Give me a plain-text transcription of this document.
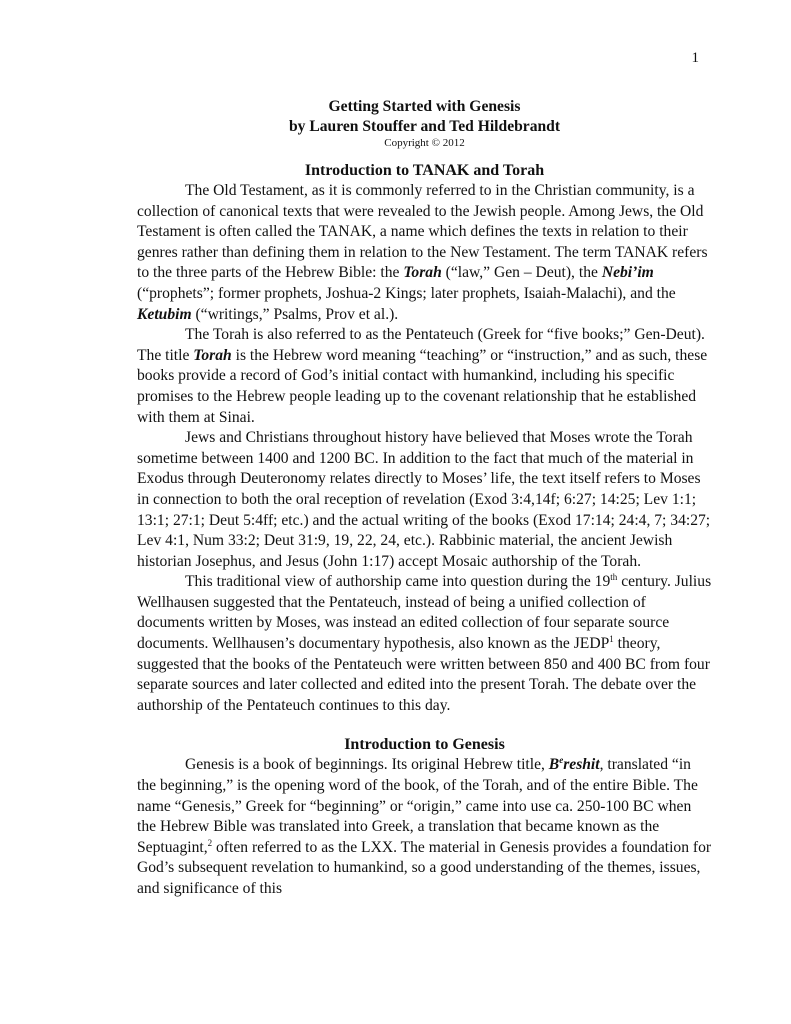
1
Getting Started with Genesis
by Lauren Stouffer and Ted Hildebrandt
Copyright © 2012
Introduction to TANAK and Torah

The Old Testament, as it is commonly referred to in the Christian community, is a collection of canonical texts that were revealed to the Jewish people. Among Jews, the Old Testament is often called the TANAK, a name which defines the texts in relation to their genres rather than defining them in relation to the New Testament. The term TANAK refers to the three parts of the Hebrew Bible: the Torah (“law,” Gen – Deut), the Nebi’im (“prophets”; former prophets, Joshua-2 Kings; later prophets, Isaiah-Malachi), and the Ketubim (“writings,” Psalms, Prov et al.).

The Torah is also referred to as the Pentateuch (Greek for “five books;” Gen-Deut). The title Torah is the Hebrew word meaning “teaching” or “instruction,” and as such, these books provide a record of God’s initial contact with humankind, including his specific promises to the Hebrew people leading up to the covenant relationship that he established with them at Sinai.

Jews and Christians throughout history have believed that Moses wrote the Torah sometime between 1400 and 1200 BC. In addition to the fact that much of the material in Exodus through Deuteronomy relates directly to Moses’ life, the text itself refers to Moses in connection to both the oral reception of revelation (Exod 3:4,14f; 6:27; 14:25; Lev 1:1; 13:1; 27:1; Deut 5:4ff; etc.) and the actual writing of the books (Exod 17:14; 24:4, 7; 34:27; Lev 4:1, Num 33:2; Deut 31:9, 19, 22, 24, etc.). Rabbinic material, the ancient Jewish historian Josephus, and Jesus (John 1:17) accept Mosaic authorship of the Torah.

This traditional view of authorship came into question during the 19th century. Julius Wellhausen suggested that the Pentateuch, instead of being a unified collection of documents written by Moses, was instead an edited collection of four separate source documents. Wellhausen’s documentary hypothesis, also known as the JEDP$^1$ theory, suggested that the books of the Pentateuch were written between 850 and 400 BC from four separate sources and later collected and edited into the present Torah. The debate over the authorship of the Pentateuch continues to this day.

Introduction to Genesis

Genesis is a book of beginnings. Its original Hebrew title, $B^ereshit$, translated “in the beginning,” is the opening word of the book, of the Torah, and of the entire Bible. The name “Genesis,” Greek for “beginning” or “origin,” came into use ca. 250-100 BC when the Hebrew Bible was translated into Greek, a translation that became known as the Septuagint,$^2$ often referred to as the LXX. The material in Genesis provides a foundation for God’s subsequent revelation to humankind, so a good understanding of the themes, issues, and significance of this
